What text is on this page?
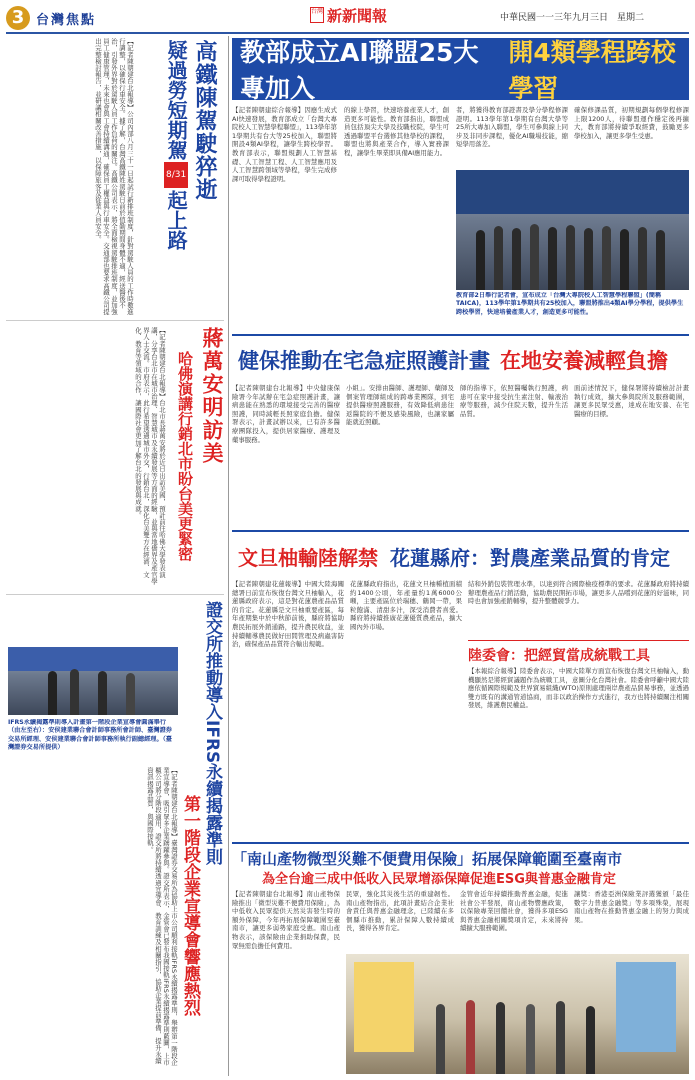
3 台灣焦點
台灣 新新聞報	中華民國一一三年九月三日　星期二
【記者陳朝建台北報導】公司內部八月三十一日起試行新排班制度，針對駕駛人員的工作時數進行調整，以確保行車安全。據了解，台灣高鐵陳姓駕駛日前於值勤期間身體不適，經送醫後不治，引發外界對於駕駛人員工作負荷的關注。高鐵公司表示，將全面檢視駕駛排班制度，並加強員工健康管理，未來也會與工會持續溝通，確保員工權益與行車安全。交通部也要求高鐵公司提出完整檢討報告，並研議相關改善措施，以保障旅客及從業人員安全。	高鐵陳駕駛猝逝
疑過勞短期駕8/31起上路
【記者陳朝建台北報導】台北市長蔣萬安將於近日出訪美國，預計前往哈佛大學發表演講，分享台北市在城市治理、智慧城市及永續發展等方面的經驗，並與當地僑界及產官學界人士交流。市府表示，此行希望透過城市外交，行銷台北，深化台美雙方在經濟、文化、教育等領域的合作，讓國際社會更加了解台北的發展與成就。	蔣萬安明訪美
哈佛演講行銷北市盼台美更緊密
IFRS永續揭露準則導入計畫第一階段企業宣導會圓滿舉行（由左至右）：安侯建業聯合會計師事務所會計師、臺灣證券交易所經理、安侯建業聯合會計師事務所執行副總經理。（臺灣證券交易所提供）
【記者陳朝建台北報導】臺灣證券交易所為協助上市公司順利接軌IFRS永續揭露準則，舉辦第一階段企業宣導會，吸引眾多企業踴躍參與。證交所表示，金管會已發布我國接軌IFRS永續揭露準則藍圖，上市櫃公司將分階段適用，證交所將持續透過宣導會、教育訓練及相關指引，協助企業提前準備，提升永續資訊揭露品質，與國際接軌。	證交所推動導入IFRS永續揭露準則
第一階段企業宣導會響應熱烈
教部成立AI聯盟25大專加入
開4類學程跨校學習
【記者陳朝建綜合報導】因應生成式AI快速發展，教育部成立「台灣大專院校人工智慧學程聯盟」，113學年第1學期共有台大等25校加入，聯盟將開設4類AI學程，讓學生跨校學習。教育部表示，聯盟規劃人工智慧基礎、人工智慧工程、人工智慧應用及人工智慧跨領域等學程，學生完成修課可取得學程證明。
的線上學習，快速培養產業人才，創造更多可能性。教育部指出，聯盟成員包括頂尖大學及技職校院，學生可透過聯盟平台選修其他學校的課程，聯盟也將與產業合作，導入實務課程，讓學生畢業即具備AI應用能力。
者，將獲得教育部證書及學分學程修課證明。113學年第1學期有台灣大學等25所大專加入聯盟，學生可參與線上同步及非同步課程，優化AI職場技能，縮短學用落差。
確保修課品質，初期規劃每個學程修課上限1200人，待聯盟運作穩定後再擴大，教育部將持續爭取經費，鼓勵更多學校加入，讓更多學生受惠。
教育部2日舉行記者會，宣布成立「台灣大專院校人工智慧學程聯盟」(簡稱TAICA)，113學年第1學期共有25校加入，聯盟將推出4類AI學分學程，提供學生跨校學習，快速培養產業人才，創造更多可能性。
健保推動在宅急症照護計畫 在地安養減輕負擔
【記者陳朝建台北報導】中央健康保險署今年試辦在宅急症照護計畫，讓病患能在熟悉的環境接受完善的醫療照護，同時減輕長照家庭負擔。健保署表示，計畫試辦以來，已有許多醫療團隊投入，提供居家醫療、護理及藥事服務。
小組」。安排由醫師、護理師、藥師及個案管理師組成的跨專業團隊，到宅提供醫療照護服務，有效降低病患往返醫院的不便及感染風險，也讓家屬能就近照顧。
師的指導下，依照醫囑執行照護，病患可在家中接受抗生素注射、輸液治療等服務，減少住院天數，提升生活品質。
面前述情況下，健保署將持續檢討計畫執行成效，擴大參與院所及服務範圍，讓更多民眾受惠，達成在地安養、在宅醫療的目標。
文旦柚輸陸解禁 花蓮縣府：對農產業品質的肯定
【記者陳朝建花蓮報導】中國大陸海關總署日前宣布恢復台灣文旦柚輸入，花蓮縣政府表示，這是對花蓮農產品品質的肯定。花蓮縣是文旦柚重要產區，每年產期集中於中秋節前後，縣府將協助農民拓展外銷通路，提升農民收益，並持續輔導農民做好田間管理及病蟲害防治，確保產品品質符合輸出規範。
花蓮縣政府指出，花蓮文旦柚種植面積約1400公頃，年產量約1萬6000公噸，主要產區位於瑞穗、鶴岡一帶，果粒飽滿、清甜多汁，深受消費者喜愛。縣府將持續推廣花蓮優質農產品，擴大國內外市場。
結和外銷包裝管理水準，以達到符合國際檢疫標準的要求。花蓮縣政府將持續辦理農產品行銷活動，協助農民開拓市場，讓更多人品嚐到花蓮的好滋味，同時也會加強產銷輔導，提升整體競爭力。
陸委會：把經貿當成統戰工具
【本報綜合報導】陸委會表示，中國大陸單方面宣布恢復台灣文旦柚輸入，動機顯然是將經貿議題作為統戰工具，意圖分化台灣社會。陸委會呼籲中國大陸應依循國際規範及世界貿易組織(WTO)原則處理兩岸農產品貿易事務，並透過雙方既有的溝通管道協商，而非以政治操作方式進行，我方也將持續關注相關發展，維護農民權益。
「南山產物微型災難不便費用保險」拓展保障範圍至臺南市
為全台逾三成中低收入民眾增添保障促進ESG與普惠金融肯定
【記者陳朝建台北報導】南山產物保險推出「微型災難不便費用保險」，為中低收入民眾提供天然災害發生時的額外保障，今年再拓展保障範圍至臺南市，讓更多弱勢家庭受惠。南山產物表示，該保險由企業捐助保費，民眾無需負擔任何費用。
民眾，強化其災後生活的重建韌性。南山產物指出，此項計畫結合企業社會責任與普惠金融理念，已陸續在多個縣市推動，累計保障人數持續成長，獲得各界肯定。
金管會近年持續推動普惠金融，促進社會公平發展，南山產物響應政策，以保險專業回饋社會，獲得多項ESG與普惠金融相關獎項肯定，未來將持續擴大服務範圍。
讓獎：香港亞洲保險業評選獲頒「最佳數字力普惠金融獎」等多項殊榮，展現南山產物在推動普惠金融上的努力與成果。
